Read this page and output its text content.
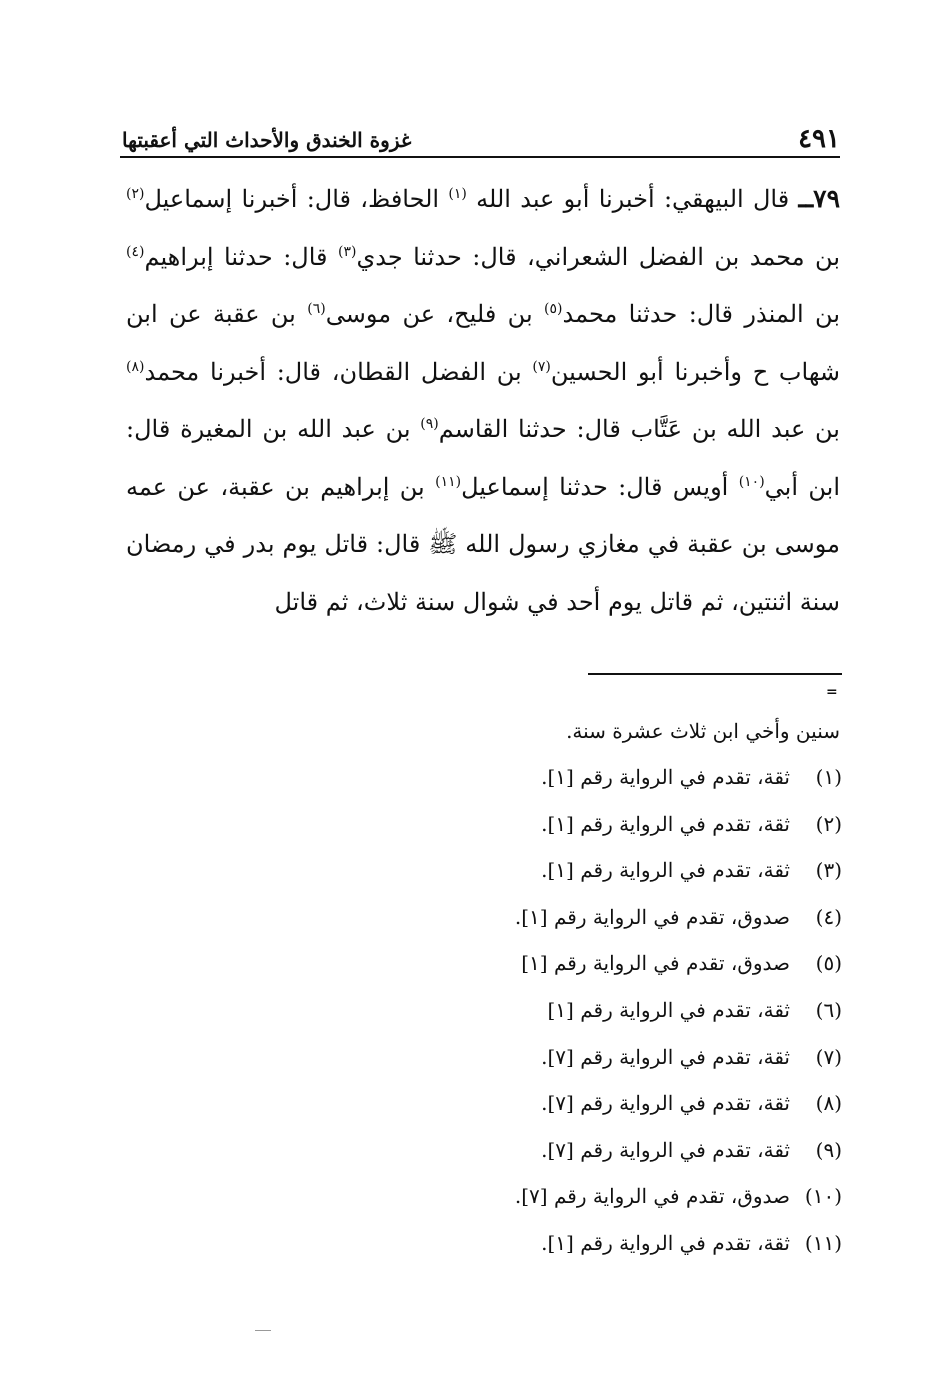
٤٩١
غزوة الخندق والأحداث التي أعقبتها
٧٩ــ قال البيهقي: أخبرنا أبو عبد الله $^{(١)}$ الحافظ، قال: أخبرنا إسماعيل$^{(٢)}$ بن محمد بن الفضل الشعراني، قال: حدثنا جدي$^{(٣)}$ قال: حدثنا إبراهيم$^{(٤)}$ بن المنذر قال: حدثنا محمد$^{(٥)}$ بن فليح، عن موسى$^{(٦)}$ بن عقبة عن ابن شهاب ح وأخبرنا أبو الحسين$^{(٧)}$ بن الفضل القطان، قال: أخبرنا محمد$^{(٨)}$ بن عبد الله بن عَتَّاب قال: حدثنا القاسم$^{(٩)}$ بن عبد الله بن المغيرة قال: ابن أبي$^{(١٠)}$ أويس قال: حدثنا إسماعيل$^{(١١)}$ بن إبراهيم بن عقبة، عن عمه موسى بن عقبة في مغازي رسول الله ﷺ قال: قاتل يوم بدر في رمضان سنة اثنتين، ثم قاتل يوم أحد في شوال سنة ثلاث، ثم قاتل
=
سنين وأخي ابن ثلاث عشرة سنة.
(١)ثقة، تقدم في الرواية رقم [١].
(٢)ثقة، تقدم في الرواية رقم [١].
(٣)ثقة، تقدم في الرواية رقم [١].
(٤)صدوق، تقدم في الرواية رقم [١].
(٥)صدوق، تقدم في الرواية رقم [١]
(٦)ثقة، تقدم في الرواية رقم [١]
(٧)ثقة، تقدم في الرواية رقم [٧].
(٨)ثقة، تقدم في الرواية رقم [٧].
(٩)ثقة، تقدم في الرواية رقم [٧].
(١٠)صدوق، تقدم في الرواية رقم [٧].
(١١)ثقة، تقدم في الرواية رقم [١].
